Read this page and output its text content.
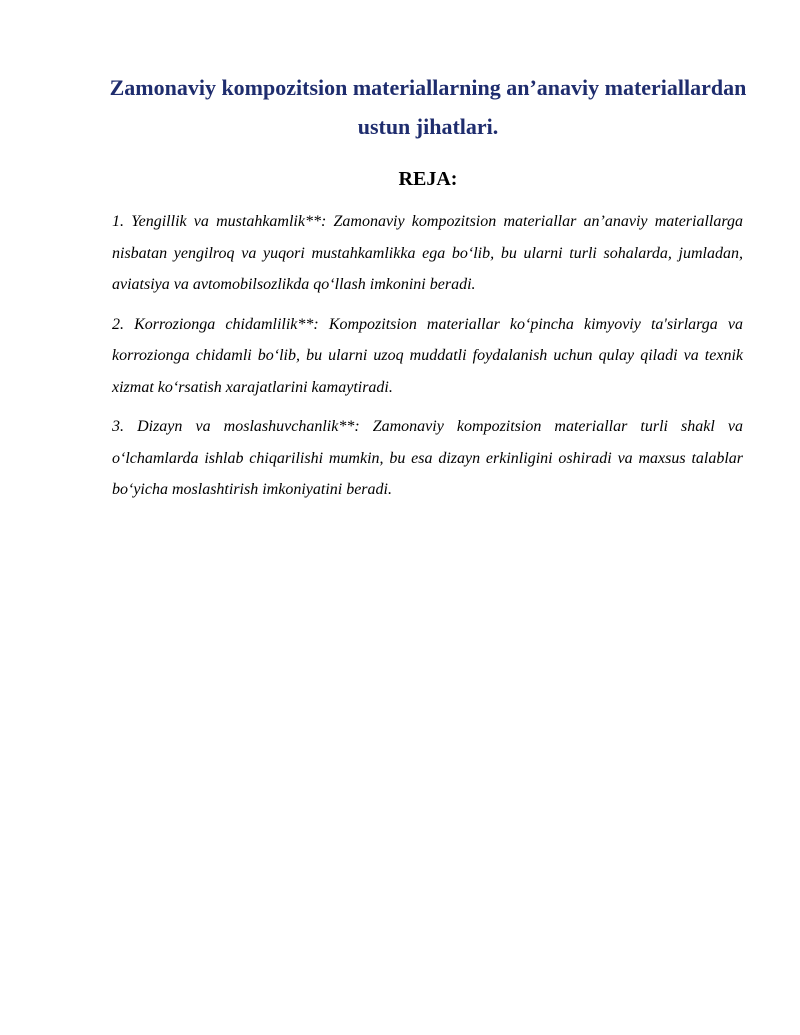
Zamonaviy kompozitsion materiallarning an’anaviy materiallardan ustun jihatlari.
REJA:

1. Yengillik va mustahkamlik**: Zamonaviy kompozitsion materiallar an’anaviy materiallarga nisbatan yengilroq va yuqori mustahkamlikka ega bo‘lib, bu ularni turli sohalarda, jumladan, aviatsiya va avtomobilsozlikda qo‘llash imkonini beradi.

2. Korrozionga chidamlilik**: Kompozitsion materiallar ko‘pincha kimyoviy ta'sirlarga va korrozionga chidamli bo‘lib, bu ularni uzoq muddatli foydalanish uchun qulay qiladi va texnik xizmat ko‘rsatish xarajatlarini kamaytiradi.

3. Dizayn va moslashuvchanlik**: Zamonaviy kompozitsion materiallar turli shakl va o‘lchamlarda ishlab chiqarilishi mumkin, bu esa dizayn erkinligini oshiradi va maxsus talablar bo‘yicha moslashtirish imkoniyatini beradi.
